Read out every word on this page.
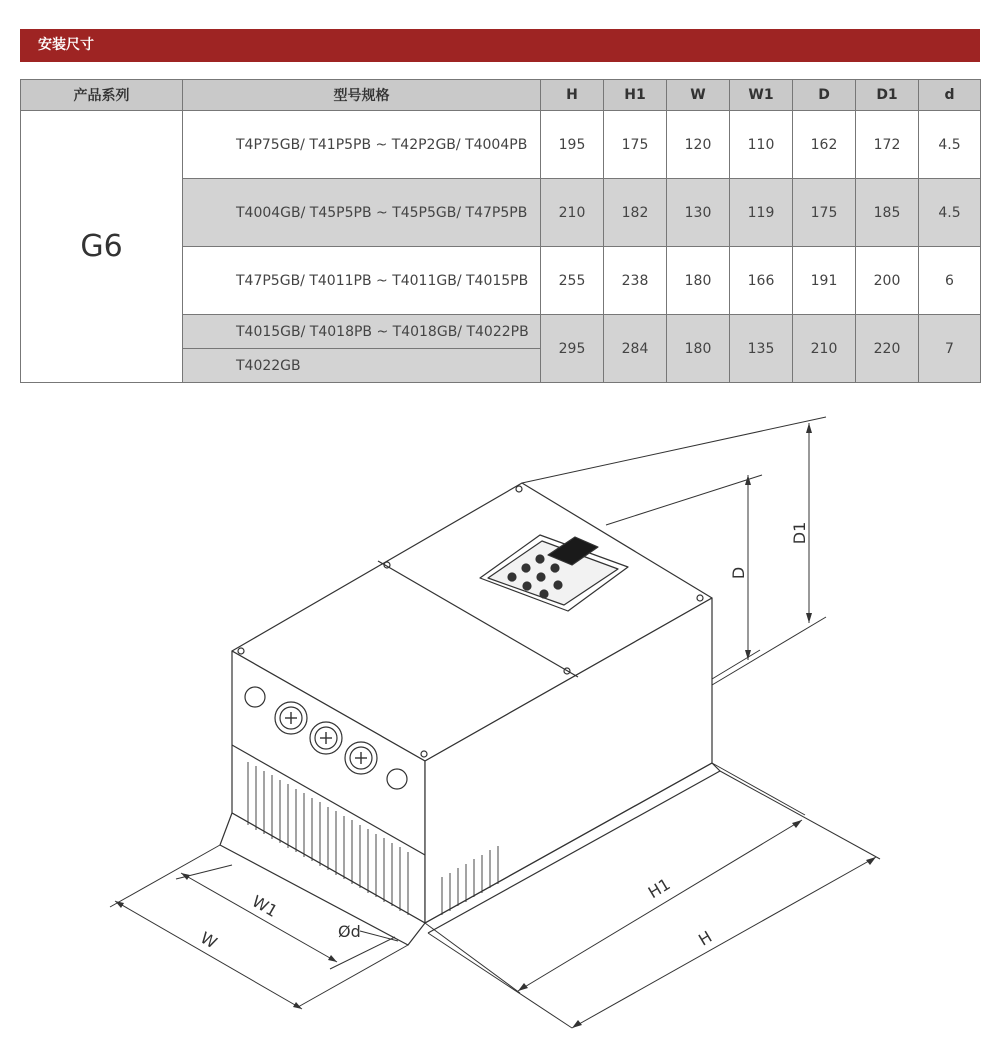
安装尺寸
产品系列	型号规格	H	H1	W	W1	D	D1	d
G6	T4P75GB/ T41P5PB ~ T42P2GB/ T4004PB	195	175	120	110	162	172	4.5
	T4004GB/ T45P5PB ~ T45P5GB/ T47P5PB	210	182	130	119	175	185	4.5
	T47P5GB/ T4011PB ~ T4011GB/ T4015PB	255	238	180	166	191	200	6
	T4015GB/ T4018PB ~ T4018GB/ T4022PB	295	284	180	135	210	220	7
	T4022GB							
D
D1
W1
W
H1
H
Ød
